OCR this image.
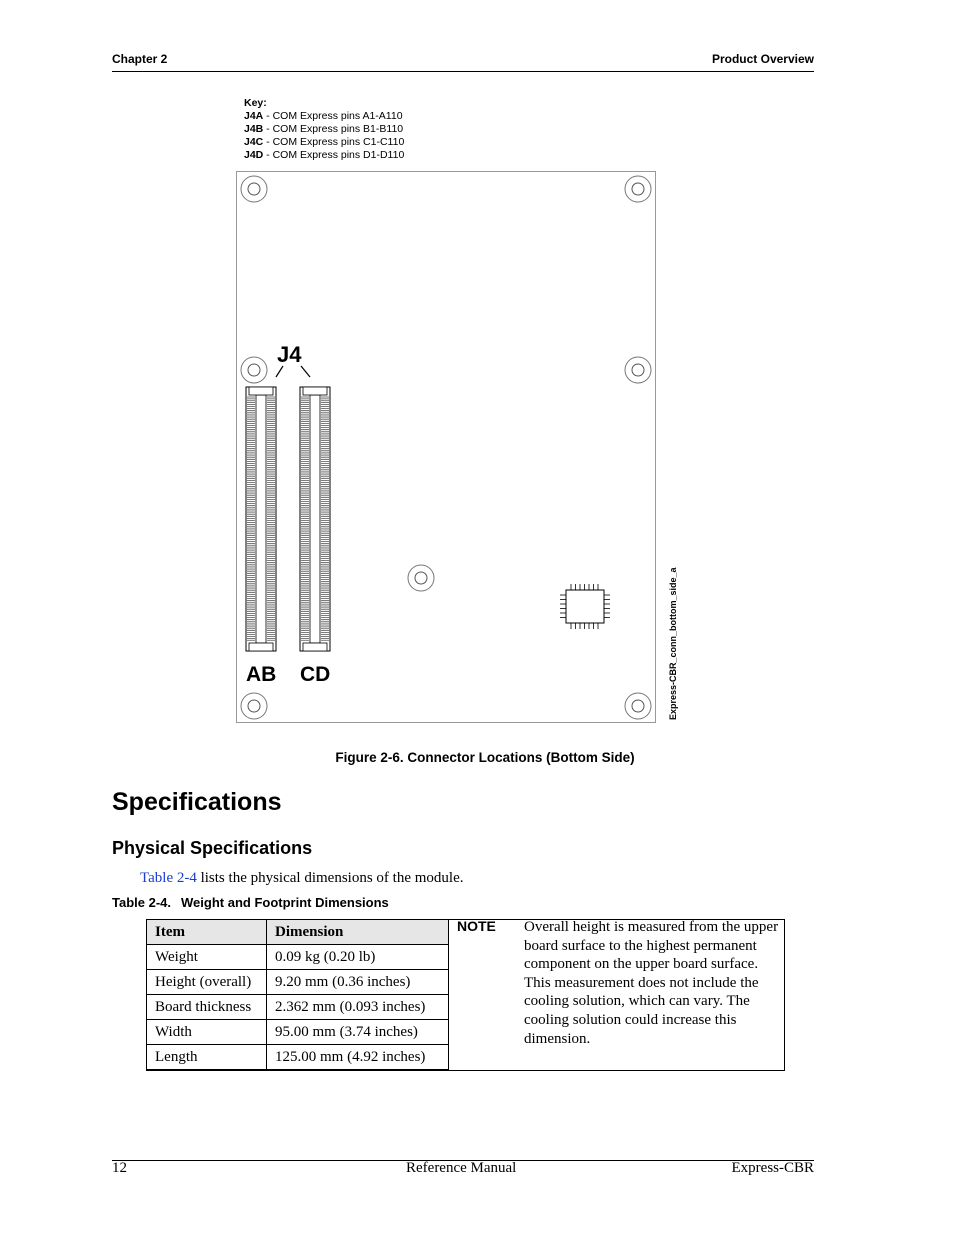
Chapter 2	Product Overview
Key:
J4A - COM Express pins A1-A110
J4B - COM Express pins B1-B110
J4C - COM Express pins C1-C110
J4D - COM Express pins D1-D110
J4
AB CD	Express-CBR_conn_bottom_side_a
Figure 2-6. Connector Locations (Bottom Side)
Specifications
Physical Specifications
Table 2-4 lists the physical dimensions of the module.
Table 2-4. Weight and Footprint Dimensions
Item	Dimension
Weight	0.09 kg (0.20 lb)
Height (overall)	9.20 mm (0.36 inches)
Board thickness	2.362 mm (0.093 inches)
Width	95.00 mm (3.74 inches)
Length	125.00 mm (4.92 inches)
NOTE Overall height is measured from the upper board surface to the highest permanent component on the upper board surface. This measurement does not include the cooling solution, which can vary. The cooling solution could increase this dimension.
12	Reference Manual	Express-CBR
